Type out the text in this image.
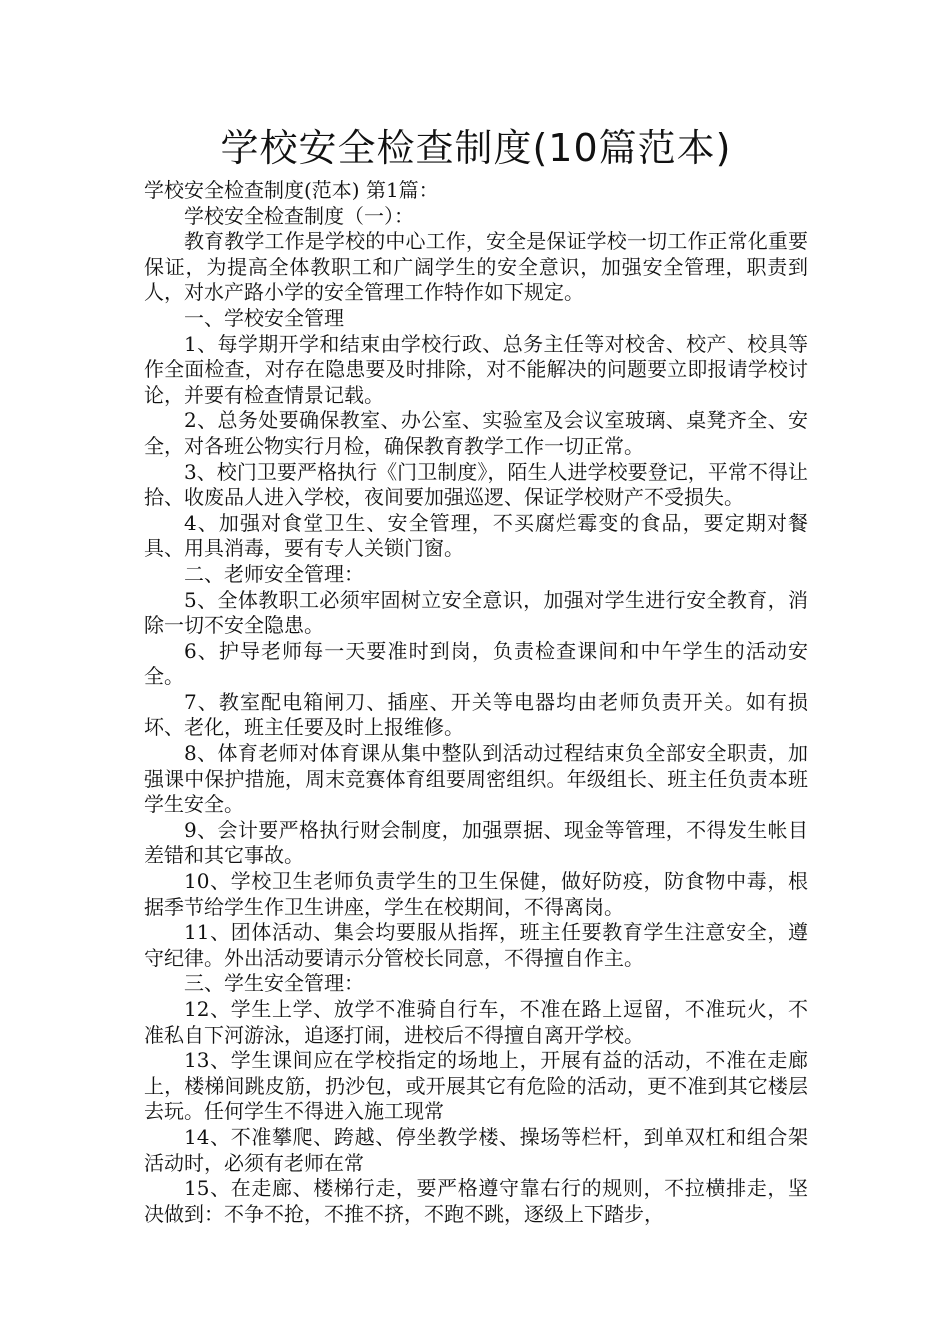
学校安全检查制度(10篇范本)

学校安全检查制度(范本) 第1篇：

学校安全检查制度（一）：

教育教学工作是学校的中心工作，安全是保证学校一切工作正常化重要保证，为提高全体教职工和广阔学生的安全意识，加强安全管理，职责到人，对水产路小学的安全管理工作特作如下规定。

一、学校安全管理

1、每学期开学和结束由学校行政、总务主任等对校舍、校产、校具等作全面检查，对存在隐患要及时排除，对不能解决的问题要立即报请学校讨论，并要有检查情景记载。

2、总务处要确保教室、办公室、实验室及会议室玻璃、桌凳齐全、安全，对各班公物实行月检，确保教育教学工作一切正常。

3、校门卫要严格执行《门卫制度》，陌生人进学校要登记，平常不得让拾、收废品人进入学校，夜间要加强巡逻、保证学校财产不受损失。

4、加强对食堂卫生、安全管理，不买腐烂霉变的食品，要定期对餐具、用具消毒，要有专人关锁门窗。

二、老师安全管理：

5、全体教职工必须牢固树立安全意识，加强对学生进行安全教育，消除一切不安全隐患。

6、护导老师每一天要准时到岗，负责检查课间和中午学生的活动安全。

7、教室配电箱闸刀、插座、开关等电器均由老师负责开关。如有损坏、老化，班主任要及时上报维修。

8、体育老师对体育课从集中整队到活动过程结束负全部安全职责，加强课中保护措施，周末竞赛体育组要周密组织。年级组长、班主任负责本班学生安全。

9、会计要严格执行财会制度，加强票据、现金等管理，不得发生帐目差错和其它事故。

10、学校卫生老师负责学生的卫生保健，做好防疫，防食物中毒，根据季节给学生作卫生讲座，学生在校期间，不得离岗。

11、团体活动、集会均要服从指挥，班主任要教育学生注意安全，遵守纪律。外出活动要请示分管校长同意，不得擅自作主。

三、学生安全管理：

12、学生上学、放学不准骑自行车，不准在路上逗留，不准玩火，不准私自下河游泳，追逐打闹，进校后不得擅自离开学校。

13、学生课间应在学校指定的场地上，开展有益的活动，不准在走廊上，楼梯间跳皮筋，扔沙包，或开展其它有危险的活动，更不准到其它楼层去玩。任何学生不得进入施工现常

14、不准攀爬、跨越、停坐教学楼、操场等栏杆，到单双杠和组合架活动时，必须有老师在常

15、在走廊、楼梯行走，要严格遵守靠右行的规则，不拉横排走，坚决做到：不争不抢，不推不挤，不跑不跳，逐级上下踏步，
